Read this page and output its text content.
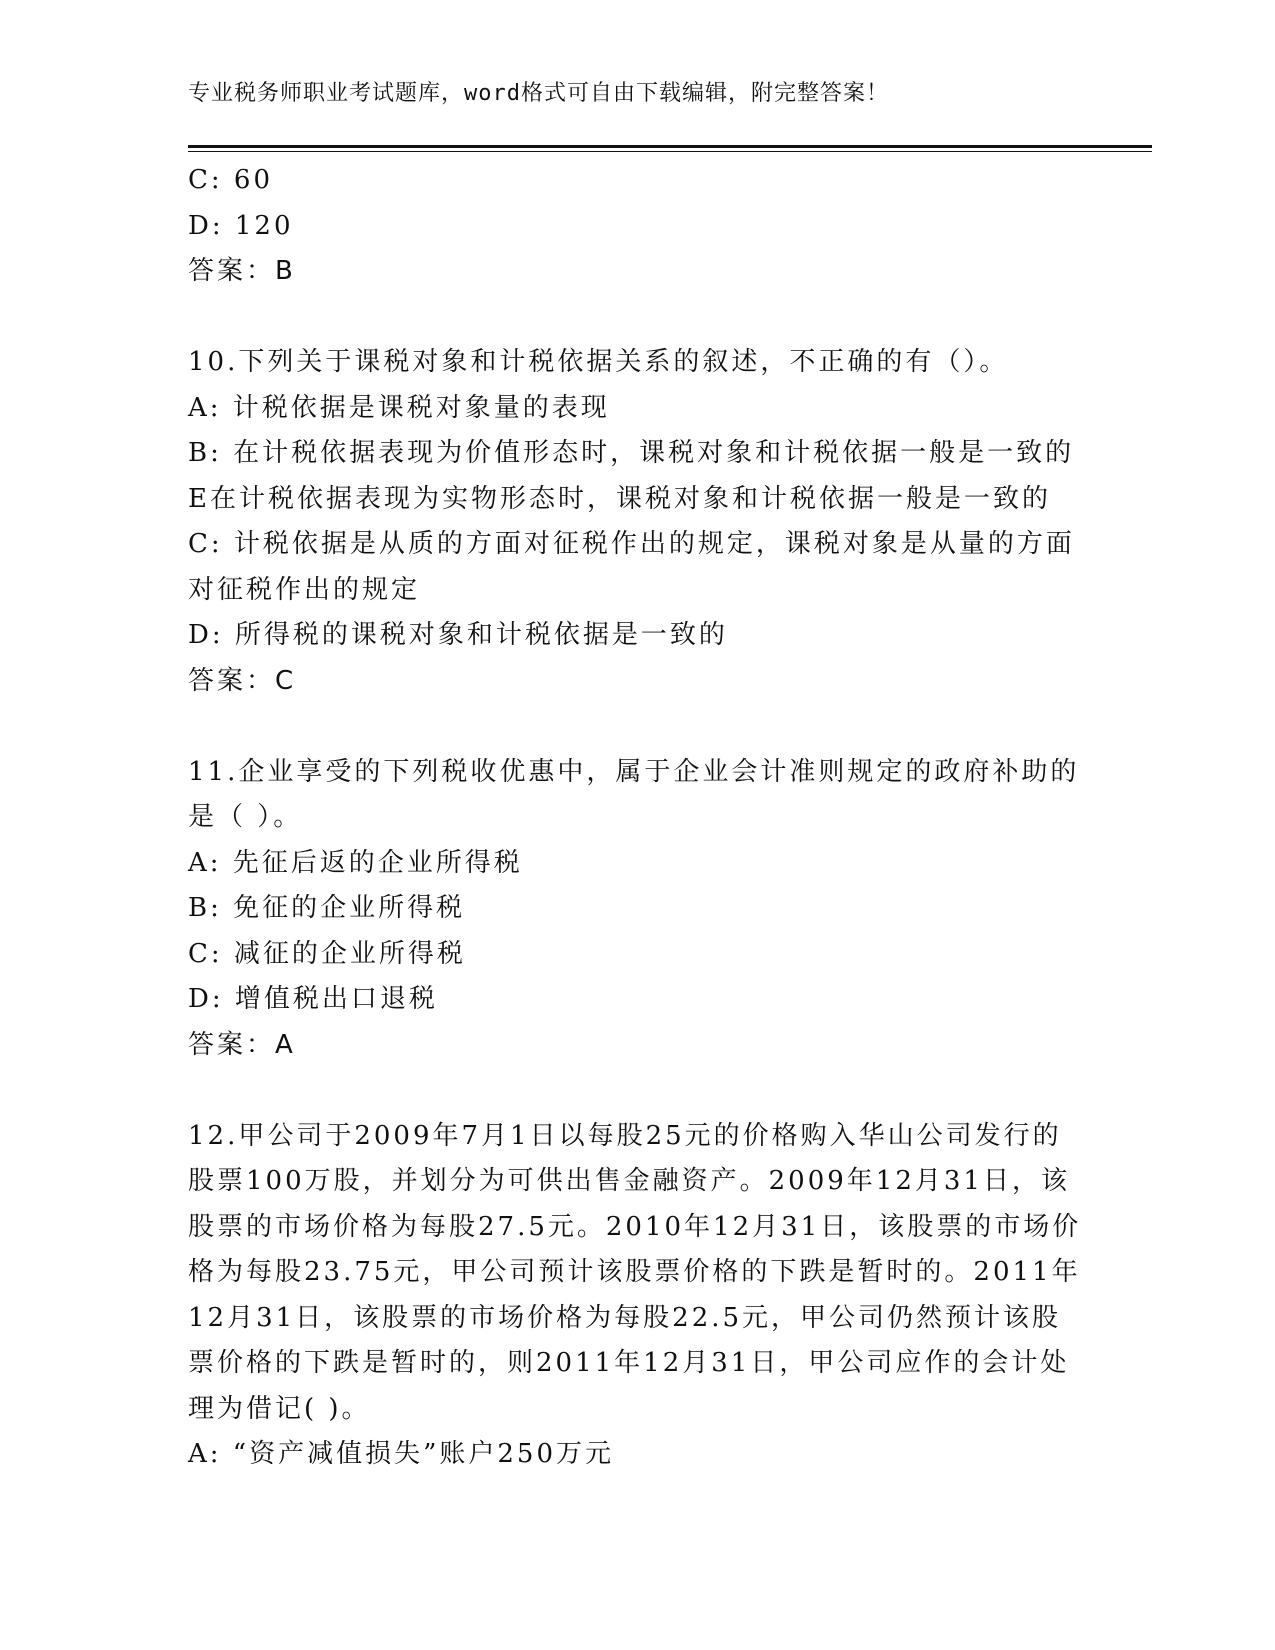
专业税务师职业考试题库，word格式可自由下载编辑，附完整答案！
C: 60
D: 120
答案：B
10.下列关于课税对象和计税依据关系的叙述，不正确的有（）。
A: 计税依据是课税对象量的表现
B: 在计税依据表现为价值形态时，课税对象和计税依据一般是一致的
E在计税依据表现为实物形态时，课税对象和计税依据一般是一致的
C: 计税依据是从质的方面对征税作出的规定，课税对象是从量的方面
对征税作出的规定
D: 所得税的课税对象和计税依据是一致的
答案：C
11.企业享受的下列税收优惠中，属于企业会计准则规定的政府补助的
是（ ）。
A: 先征后返的企业所得税
B: 免征的企业所得税
C: 减征的企业所得税
D: 增值税出口退税
答案：A
12.甲公司于2009年7月1日以每股25元的价格购入华山公司发行的
股票100万股，并划分为可供出售金融资产。2009年12月31日，该
股票的市场价格为每股27.5元。2010年12月31日，该股票的市场价
格为每股23.75元，甲公司预计该股票价格的下跌是暂时的。2011年
12月31日，该股票的市场价格为每股22.5元，甲公司仍然预计该股
票价格的下跌是暂时的，则2011年12月31日，甲公司应作的会计处
理为借记( )。
A: “资产减值损失”账户250万元
